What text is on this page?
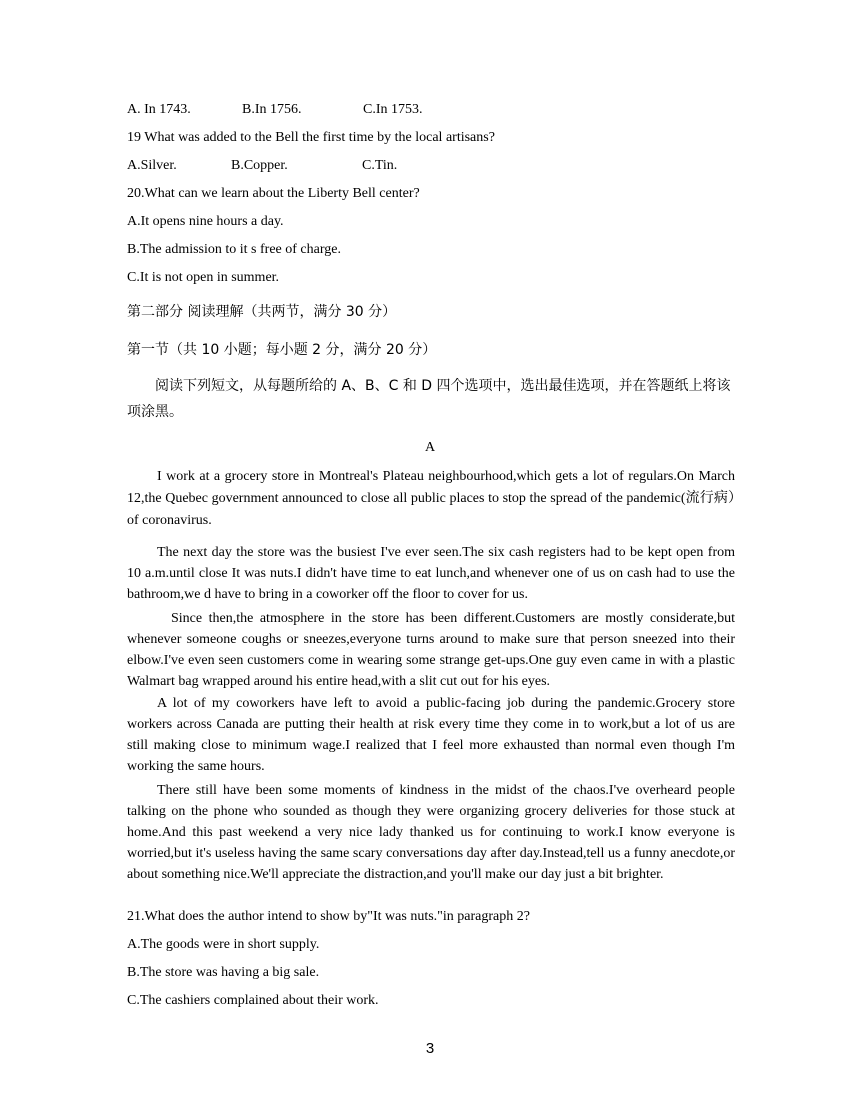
A. In 1743.	B.In 1756.	C.In 1753.
19 What was added to the Bell the first time by the local artisans?
A.Silver.	B.Copper.	C.Tin.
20.What can we learn about the Liberty Bell center?
A.It opens nine hours a day.
B.The admission to it s free of charge.
C.It is not open in summer.
第二部分 阅读理解（共两节，满分 30 分）
第一节（共 10 小题；每小题 2 分，满分 20 分）

阅读下列短文，从每题所给的 A、B、C 和 D 四个选项中，选出最佳选项，并在答题纸上将该项涂黑。

A

I work at a grocery store in Montreal's Plateau neighbourhood,which gets a lot of regulars.On March 12,the Quebec government announced to close all public places to stop the spread of the pandemic(流行病）of coronavirus.

The next day the store was the busiest I've ever seen.The six cash registers had to be kept open from 10 a.m.until close It was nuts.I didn't have time to eat lunch,and whenever one of us on cash had to use the bathroom,we d have to bring in a coworker off the floor to cover for us.

Since then,the atmosphere in the store has been different.Customers are mostly considerate,but whenever someone coughs or sneezes,everyone turns around to make sure that person sneezed into their elbow.I've even seen customers come in wearing some strange get-ups.One guy even came in with a plastic Walmart bag wrapped around his entire head,with a slit cut out for his eyes.

A lot of my coworkers have left to avoid a public-facing job during the pandemic.Grocery store workers across Canada are putting their health at risk every time they come in to work,but a lot of us are still making close to minimum wage.I realized that I feel more exhausted than normal even though I'm working the same hours.

There still have been some moments of kindness in the midst of the chaos.I've overheard people talking on the phone who sounded as though they were organizing grocery deliveries for those stuck at home.And this past weekend a very nice lady thanked us for continuing to work.I know everyone is worried,but it's useless having the same scary conversations day after day.Instead,tell us a funny anecdote,or about something nice.We'll appreciate the distraction,and you'll make our day just a bit brighter.

21.What does the author intend to show by"It was nuts."in paragraph 2?
A.The goods were in short supply.
B.The store was having a big sale.
C.The cashiers complained about their work.
3
